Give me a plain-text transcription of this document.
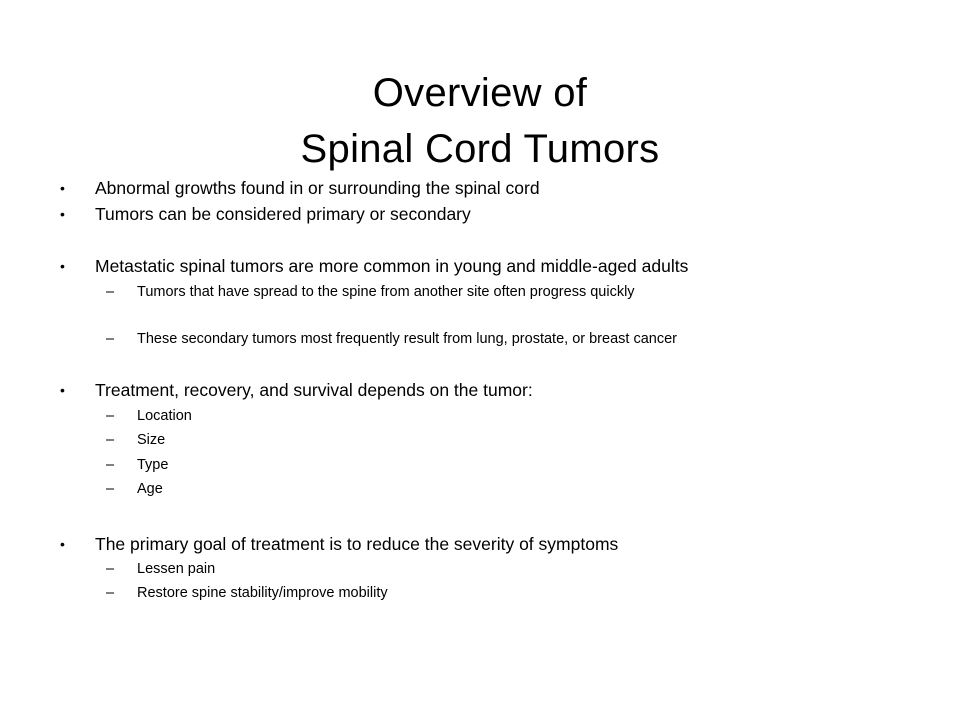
Overview of
Spinal Cord Tumors
• Abnormal growths found in or surrounding the spinal cord
• Tumors can be considered primary or secondary
• Metastatic spinal tumors are more common in young and middle-aged adults
– Tumors that have spread to the spine from another site often progress quickly
– These secondary tumors most frequently result from lung, prostate, or breast cancer
• Treatment, recovery, and survival depends on the tumor:
– Location
– Size
– Type
– Age
• The primary goal of treatment is to reduce the severity of symptoms
– Lessen pain
– Restore spine stability/improve mobility
